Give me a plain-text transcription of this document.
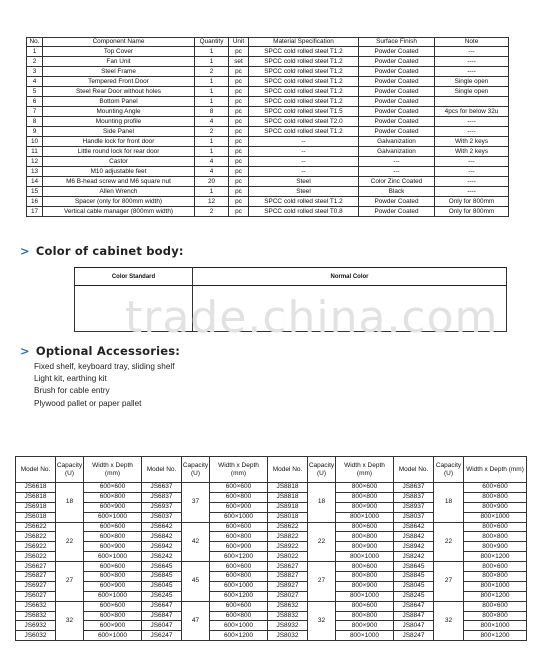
No.	Component Name	Quantity	Unit	Material Specification	Surface Finish	Note
1	Top Cover	1	pc	SPCC cold rolled steel T1.2	Powder Coated	---
2	Fan Unit	1	set	SPCC cold rolled steel T1.2	Powder Coated	----
3	Steel Frame	2	pc	SPCC cold rolled steel T1.2	Powder Coated	----
4	Tempered Front Door	1	pc	SPCC cold rolled steel T1.2	Powder Coated	Single open
5	Steel Rear Door without holes	1	pc	SPCC cold rolled steel T1.2	Powder Coated	Single open
6	Bottom Panel	1	pc	SPCC cold rolled steel T1.2	Powder Coated	
7	Mounting Angle	8	pc	SPCC cold rolled steel T1.5	Powder Coated	4pcs for below 32u
8	Mounting profile	4	pc	SPCC cold rolled steel T2.0	Powder Coated	----
9	Side Panel	2	pc	SPCC cold rolled steel T1.2	Powder Coated	----
10	Handle lock for front door	1	pc	--	Galvanization	With 2 keys
11	Little round lock for rear door	1	pc	--	Galvanization	With 2 keys
12	Castor	4	pc	--	---	---
13	M10 adjustable feet	4	pc	--	---	---
14	M6 B-head screw and M6 square nut	20	pc	Steel	Color Zinc Coated	----
15	Allen Wrench	1	pc	Steel	Black	----
16	Spacer (only for 800mm width)	12	pc	SPCC cold rolled steel T1.2	Powder Coated	Only for 800mm
17	Vertical cable manager (800mm width)	2	pc	SPCC cold rolled steel T0.8	Powder Coated	Only for 800mm
> Color of cabinet body:
Color Standard	Normal Color

trade.china.com
> Optional Accessories:
Fixed shelf, keyboard tray, sliding shelf
Light kit, earthing kit
Brush for cable entry
Plywood pallet or paper pallet
Model No.	Capacity (U)	Width x Depth (mm)	Model No.	Capacity (U)	Width x Depth (mm)	Model No.	Capacity (U)	Width x Depth (mm)	Model No.	Capacity (U)	Width x Depth (mm)
JS6618	18	600×600	JS6637	37	600×600	JS8818	18	800×600	JS8637	18	600×600
JS6818		600×800	JS6837		600×800	JS8818		800×800	JS8837		800×800
JS6918		600×900	JS6937		600×900	JS8918		800×900	JS8937		800×900
JS6018		600×1000	JS6037		600×1000	JS8018		800×1000	JS8037		800×1000
JS6622	22	600×600	JS6642	42	600×600	JS8622	22	800×600	JS8642	22	800×600
JS6822		600×800	JS6842		600×800	JS8822		800×800	JS8842		800×800
JS6922		600×900	JS6942		600×900	JS8922		800×900	JS8942		800×900
JS6022		600×1000	JS6242		600×1200	JS8022		800×1000	JS8242		800×1200
JS6627	27	600×600	JS6645	45	600×600	JS8627	27	800×600	JS8645	27	800×600
JS6827		600×800	JS6845		600×800	JS8827		800×800	JS8845		800×800
JS6927		600×900	JS6045		600×1000	JS8927		800×900	JS8045		800×1000
JS6027		600×1000	JS6245		600×1200	JS8027		800×1000	JS8245		800×1200
JS6632	32	600×600	JS6647	47	600×600	JS8632	32	800×600	JS8647	32	800×600
JS6832		600×800	JS6847		600×800	JS8832		800×800	JS8847		800×800
JS6932		600×900	JS6047		600×1000	JS8932		800×900	JS8047		800×1000
JS6032		600×1000	JS6247		600×1200	JS8032		800×1000	JS8247		800×1200
